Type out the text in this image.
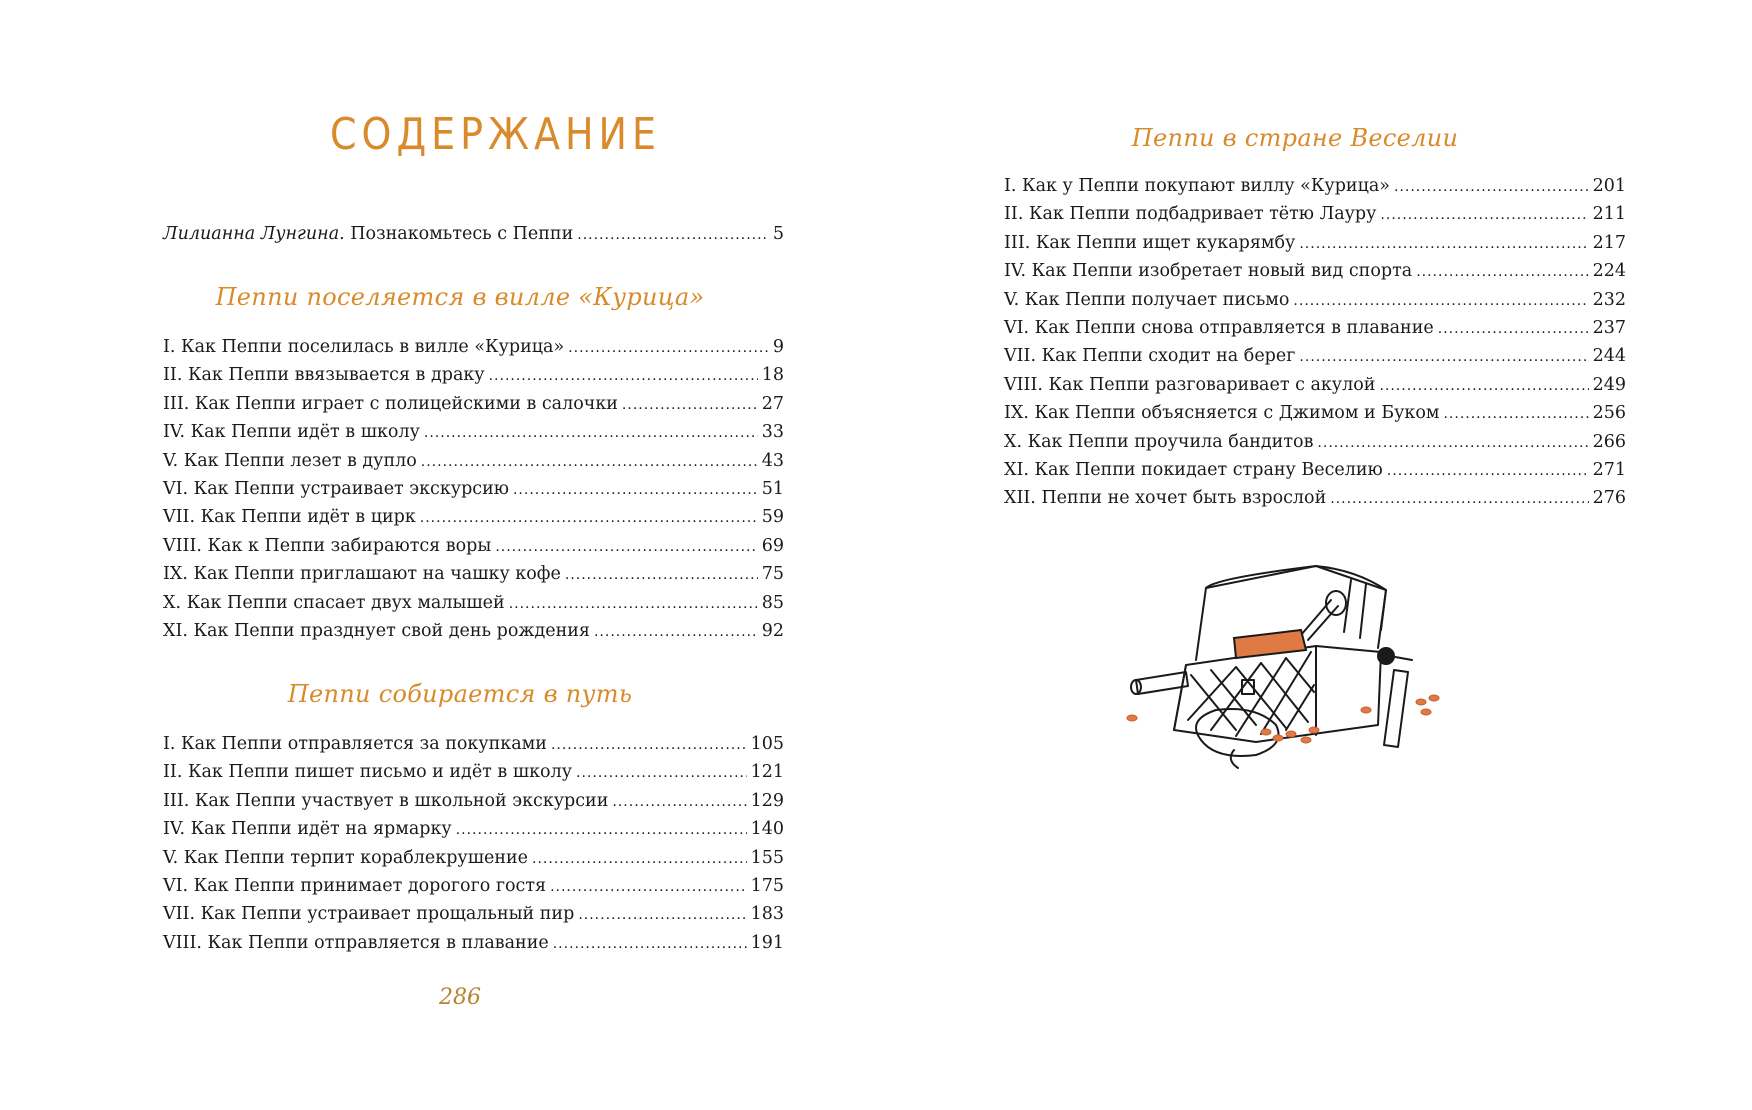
СОДЕРЖАНИЕ
Лилианна Лунгина. Познакомьтесь с Пеппи .....	5
Пеппи поселяется в вилле «Курица»
I. Как Пеппи поселилась в вилле «Курица» .....	9
II. Как Пеппи ввязывается в драку .....	18
III. Как Пеппи играет с полицейскими в салочки .....	27
IV. Как Пеппи идёт в школу .....	33
V. Как Пеппи лезет в дупло .....	43
VI. Как Пеппи устраивает экскурсию .....	51
VII. Как Пеппи идёт в цирк .....	59
VIII. Как к Пеппи забираются воры .....	69
IX. Как Пеппи приглашают на чашку кофе .....	75
X. Как Пеппи спасает двух малышей .....	85
XI. Как Пеппи празднует свой день рождения .....	92
Пеппи собирается в путь
I. Как Пеппи отправляется за покупками .....	105
II. Как Пеппи пишет письмо и идёт в школу .....	121
III. Как Пеппи участвует в школьной экскурсии .....	129
IV. Как Пеппи идёт на ярмарку .....	140
V. Как Пеппи терпит кораблекрушение .....	155
VI. Как Пеппи принимает дорогого гостя .....	175
VII. Как Пеппи устраивает прощальный пир .....	183
VIII. Как Пеппи отправляется в плавание .....	191
286
Пеппи в стране Веселии
I. Как у Пеппи покупают виллу «Курица» .....	201
II. Как Пеппи подбадривает тётю Лауру .....	211
III. Как Пеппи ищет кукарямбу .....	217
IV. Как Пеппи изобретает новый вид спорта .....	224
V. Как Пеппи получает письмо .....	232
VI. Как Пеппи снова отправляется в плавание .....	237
VII. Как Пеппи сходит на берег .....	244
VIII. Как Пеппи разговаривает с акулой .....	249
IX. Как Пеппи объясняется с Джимом и Буком .....	256
X. Как Пеппи проучила бандитов .....	266
XI. Как Пеппи покидает страну Веселию .....	271
XII. Пеппи не хочет быть взрослой .....	276
